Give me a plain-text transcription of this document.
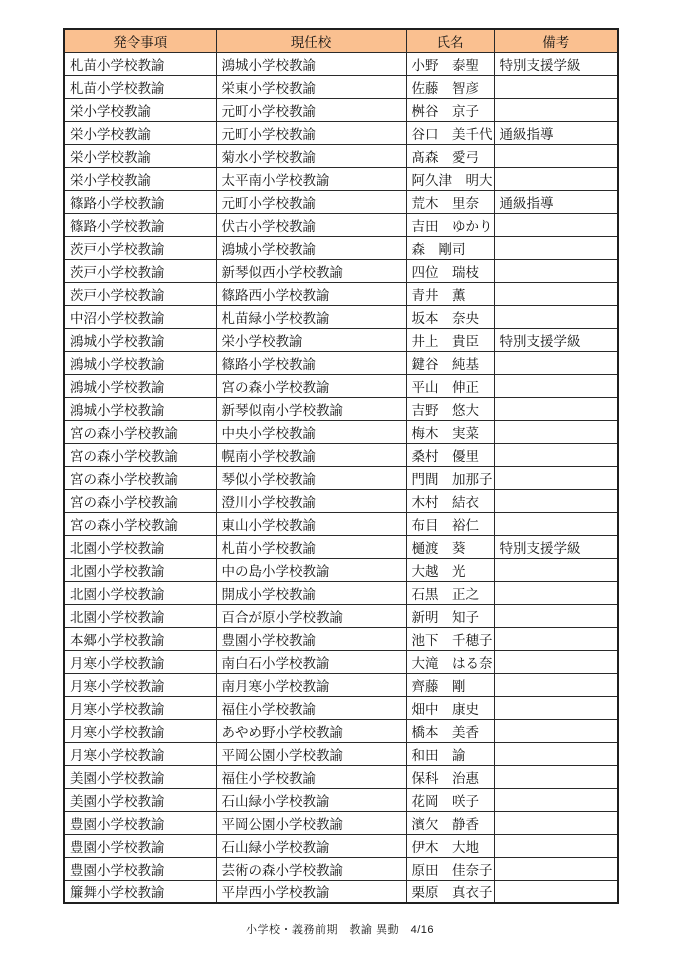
発令事項	現任校	氏名	備考
札苗小学校教諭	鴻城小学校教諭	小野　泰聖	特別支援学級
札苗小学校教諭	栄東小学校教諭	佐藤　智彦	
栄小学校教諭	元町小学校教諭	桝谷　京子	
栄小学校教諭	元町小学校教諭	谷口　美千代	通級指導
栄小学校教諭	菊水小学校教諭	髙森　愛弓	
栄小学校教諭	太平南小学校教諭	阿久津　明大	
篠路小学校教諭	元町小学校教諭	荒木　里奈	通級指導
篠路小学校教諭	伏古小学校教諭	吉田　ゆかり	
茨戸小学校教諭	鴻城小学校教諭	森　剛司	
茨戸小学校教諭	新琴似西小学校教諭	四位　瑞枝	
茨戸小学校教諭	篠路西小学校教諭	青井　薫	
中沼小学校教諭	札苗緑小学校教諭	坂本　奈央	
鴻城小学校教諭	栄小学校教諭	井上　貴臣	特別支援学級
鴻城小学校教諭	篠路小学校教諭	鍵谷　純基	
鴻城小学校教諭	宮の森小学校教諭	平山　伸正	
鴻城小学校教諭	新琴似南小学校教諭	吉野　悠大	
宮の森小学校教諭	中央小学校教諭	梅木　実菜	
宮の森小学校教諭	幌南小学校教諭	桑村　優里	
宮の森小学校教諭	琴似小学校教諭	門間　加那子	
宮の森小学校教諭	澄川小学校教諭	木村　結衣	
宮の森小学校教諭	東山小学校教諭	布目　裕仁	
北園小学校教諭	札苗小学校教諭	樋渡　葵	特別支援学級
北園小学校教諭	中の島小学校教諭	大越　光	
北園小学校教諭	開成小学校教諭	石黒　正之	
北園小学校教諭	百合が原小学校教諭	新明　知子	
本郷小学校教諭	豊園小学校教諭	池下　千穂子	
月寒小学校教諭	南白石小学校教諭	大滝　はる奈	
月寒小学校教諭	南月寒小学校教諭	齊藤　剛	
月寒小学校教諭	福住小学校教諭	畑中　康史	
月寒小学校教諭	あやめ野小学校教諭	橋本　美香	
月寒小学校教諭	平岡公園小学校教諭	和田　諭	
美園小学校教諭	福住小学校教諭	保科　治惠	
美園小学校教諭	石山緑小学校教諭	花岡　咲子	
豊園小学校教諭	平岡公園小学校教諭	濱欠　静香	
豊園小学校教諭	石山緑小学校教諭	伊木　大地	
豊園小学校教諭	芸術の森小学校教諭	原田　佳奈子	
簾舞小学校教諭	平岸西小学校教諭	栗原　真衣子	
小学校・義務前期　教諭 異動　4/16
